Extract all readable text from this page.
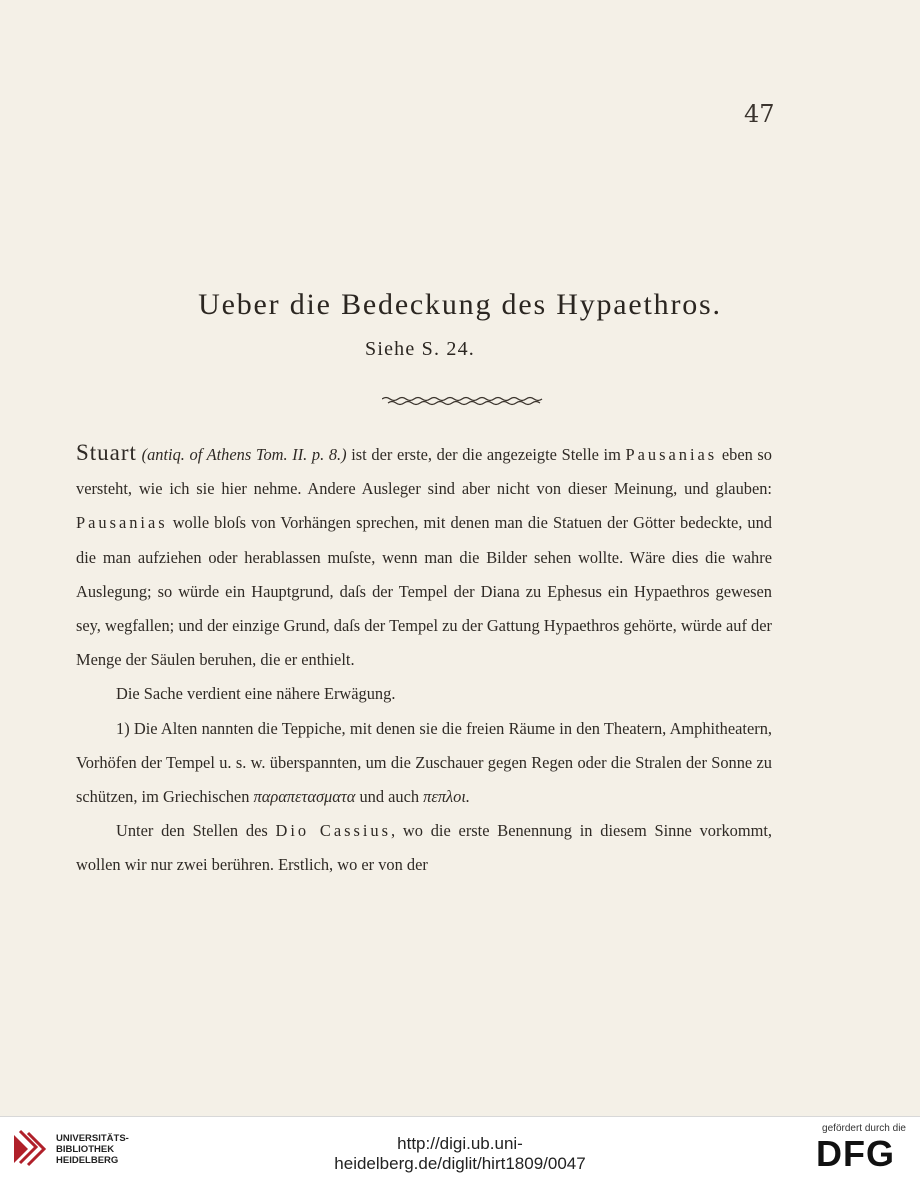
47
Ueber die Bedeckung des Hypaethros.
Siehe S. 24.

Stuart (antiq. of Athens Tom. II. p. 8.) ist der erste, der die angezeigte Stelle im Pausanias eben so versteht, wie ich sie hier nehme. Andere Ausleger sind aber nicht von dieser Meinung, und glauben: Pausanias wolle bloſs von Vorhängen sprechen, mit denen man die Statuen der Götter bedeckte, und die man aufziehen oder herablassen muſste, wenn man die Bilder sehen wollte. Wäre dies die wahre Auslegung; so würde ein Hauptgrund, daſs der Tempel der Diana zu Ephesus ein Hypaethros gewesen sey, wegfallen; und der einzige Grund, daſs der Tempel zu der Gattung Hypaethros gehörte, würde auf der Menge der Säulen beruhen, die er enthielt.

Die Sache verdient eine nähere Erwägung.

1) Die Alten nannten die Teppiche, mit denen sie die freien Räume in den Theatern, Amphitheatern, Vorhöfen der Tempel u. s. w. überspannten, um die Zuschauer gegen Regen oder die Stralen der Sonne zu schützen, im Griechischen παραπετασματα und auch πεπλοι.

Unter den Stellen des Dio Cassius, wo die erste Benennung in diesem Sinne vorkommt, wollen wir nur zwei berühren. Erstlich, wo er von der

UNIVERSITÄTS-
BIBLIOTHEK
HEIDELBERG
http://digi.ub.uni-heidelberg.de/diglit/hirt1809/0047
gefördert durch die
DFG
